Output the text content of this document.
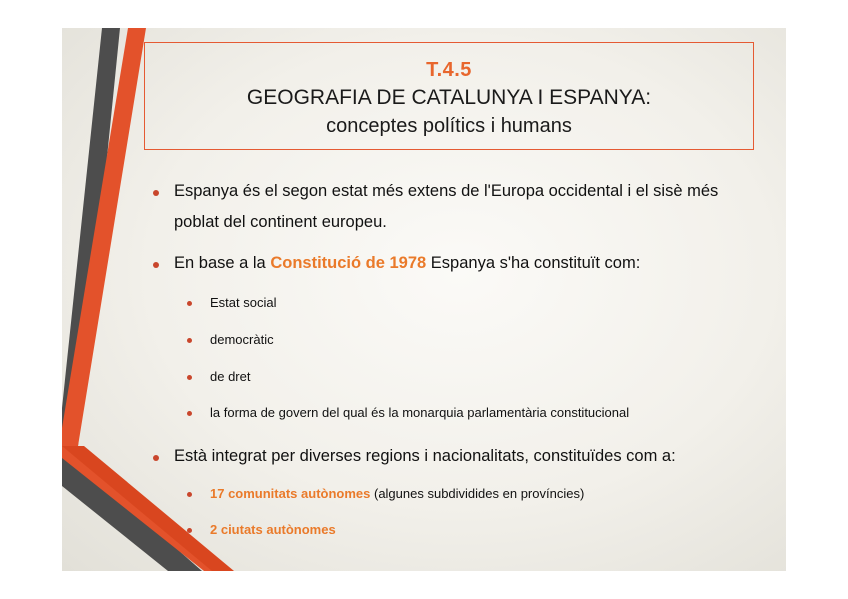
T.4.5
GEOGRAFIA DE CATALUNYA I ESPANYA:
conceptes polítics i humans
Espanya és el segon estat més extens de l'Europa occidental i el sisè més
poblat del continent europeu.
En base a la Constitució de 1978 Espanya s'ha constituït com:
Estat social
democràtic
de dret
la forma de govern del qual és la monarquia parlamentària constitucional
Està integrat per diverses regions i nacionalitats, constituïdes com a:
17 comunitats autònomes (algunes subdividides en províncies)
2 ciutats autònomes
